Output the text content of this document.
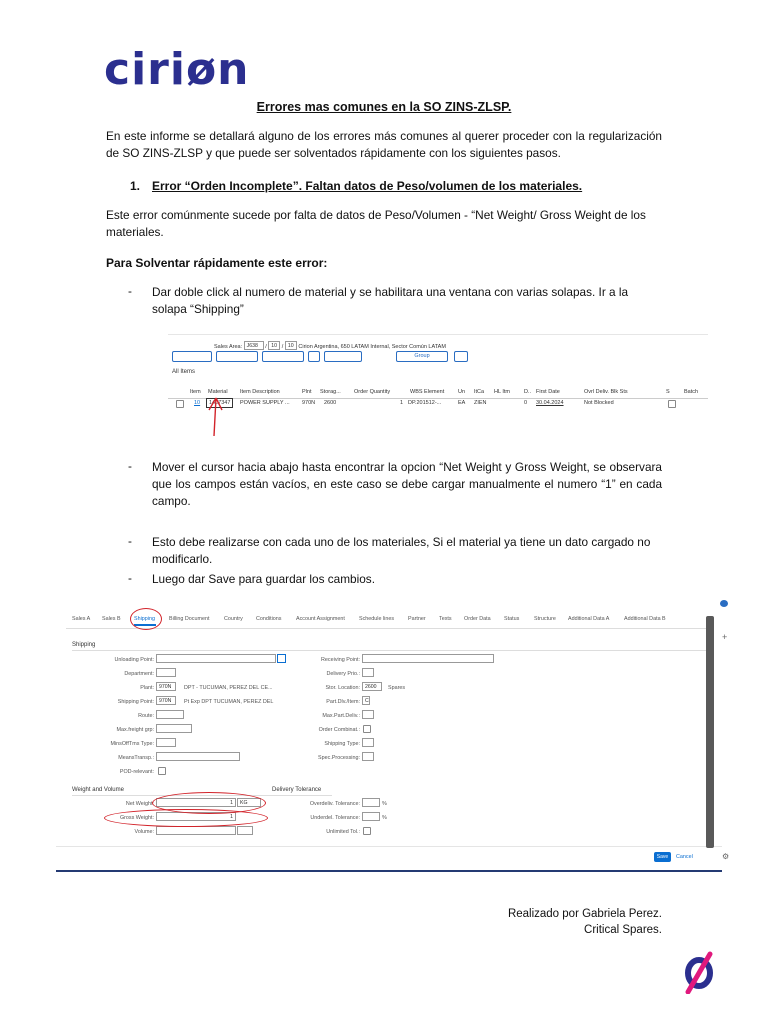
ciriøn
Errores mas comunes en la SO ZINS-ZLSP.
En este informe se detallará alguno de los errores más comunes al querer proceder con la regularización de SO ZINS-ZLSP y que puede ser solventados rápidamente con los siguientes pasos.
1. Error “Orden Incomplete”. Faltan datos de Peso/volumen de los materiales.
Este error comúnmente sucede por falta de datos de Peso/Volumen - “Net Weight/ Gross Weight de los materiales.
Para Solventar rápidamente este error:
- Dar doble click al numero de material y se habilitara una ventana con varias solapas. Ir a la solapa “Shipping”
Sales Area: J638 / 10 / 10 Cirion Argentina, 650 LATAM Internal, Sector Común LATAM
Group
All Items
Item Material Item Description	Plnt Storag... Order Quantity	WBS Element	Un ItCa HL Itm	D.. First Date	Ovrl Deliv. Blk Sts	S	Batch
10	1407347	POWER SUPPLY ... 970N 2600	1 DP.201512-...	EA ZIEN	0 30.04.2024	Not Blocked
- Mover el cursor hacia abajo hasta encontrar la opcion “Net Weight y Gross Weight, se observara que los campos están vacíos, en este caso se debe cargar manualmente el numero “1” en cada campo.
- Esto debe realizarse con cada uno de los materiales, Si el material ya tiene un dato cargado no modificarlo.
- Luego dar Save para guardar los cambios.
Sales A Sales B Shipping	Billing Document	Country Conditions	Account Assignment	Schedule lines	Partner Texts Order Data Status	Structure Additional Data A	Additional Data B
Shipping
Unloading Point:
Department:
Plant: 970N	DPT - TUCUMAN, PEREZ DEL CE...
Shipping Point: 970N	Pt Exp DPT TUCUMAN, PEREZ DEL
Route:
Max.freight grp:
MinsOffTms Type:
MeansTransp.:
POD-relevant:
Receiving Point:
Delivery Prio.:
Stor. Location: 2600	Spares
Part.Dlv./Item: C
Max.Part.Deliv.:
Order Combinat.:
Shipping Type:
Spec.Processing:
Weight and Volume	Delivery Tolerance
Net Weight:	1	KG
Gross Weight:	1
Volume:
Overdeliv. Tolerance:	%
Underdel. Tolerance:	%
Unlimited Tol.:
Save	Cancel
+
⚙
Realizado por Gabriela Perez.
Critical Spares.
